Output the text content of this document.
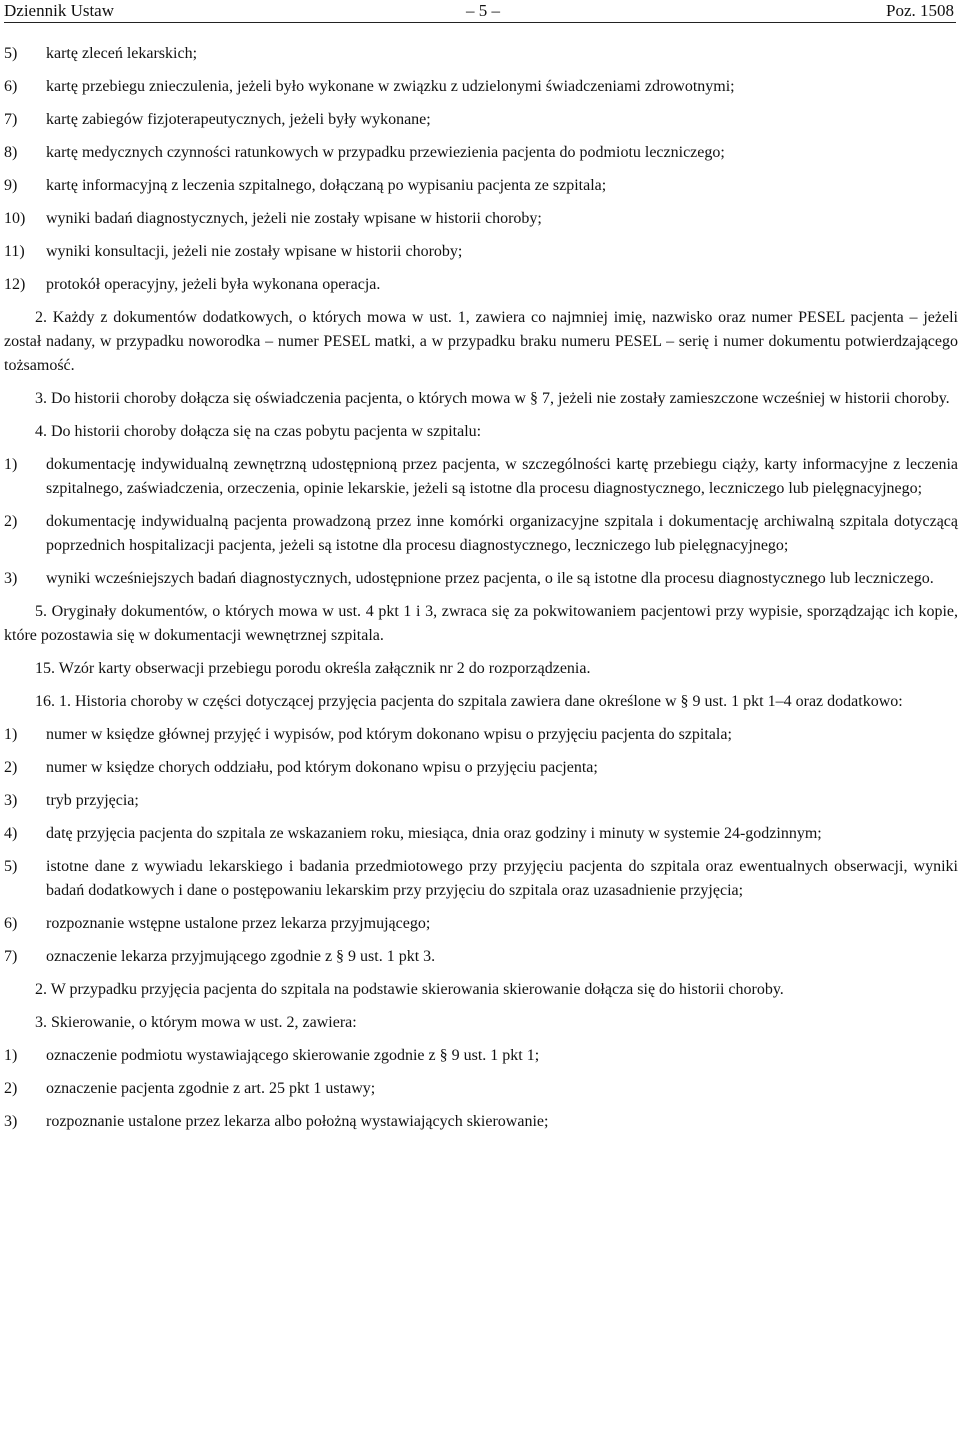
Dziennik Ustaw	– 5 –	Poz. 1508
5)	kartę zleceń lekarskich;
6)	kartę przebiegu znieczulenia, jeżeli było wykonane w związku z udzielonymi świadczeniami zdrowotnymi;
7)	kartę zabiegów fizjoterapeutycznych, jeżeli były wykonane;
8)	kartę medycznych czynności ratunkowych w przypadku przewiezienia pacjenta do podmiotu leczniczego;
9)	kartę informacyjną z leczenia szpitalnego, dołączaną po wypisaniu pacjenta ze szpitala;
10)	wyniki badań diagnostycznych, jeżeli nie zostały wpisane w historii choroby;
11)	wyniki konsultacji, jeżeli nie zostały wpisane w historii choroby;
12)	protokół operacyjny, jeżeli była wykonana operacja.
2. Każdy z dokumentów dodatkowych, o których mowa w ust. 1, zawiera co najmniej imię, nazwisko oraz numer PESEL pacjenta – jeżeli został nadany, w przypadku noworodka – numer PESEL matki, a w przypadku braku numeru PESEL – serię i numer dokumentu potwierdzającego tożsamość.
3. Do historii choroby dołącza się oświadczenia pacjenta, o których mowa w § 7, jeżeli nie zostały zamieszczone wcześniej w historii choroby.
4. Do historii choroby dołącza się na czas pobytu pacjenta w szpitalu:
1)	dokumentację indywidualną zewnętrzną udostępnioną przez pacjenta, w szczególności kartę przebiegu ciąży, karty informacyjne z leczenia szpitalnego, zaświadczenia, orzeczenia, opinie lekarskie, jeżeli są istotne dla procesu diagnostycznego, leczniczego lub pielęgnacyjnego;
2)	dokumentację indywidualną pacjenta prowadzoną przez inne komórki organizacyjne szpitala i dokumentację archiwalną szpitala dotyczącą poprzednich hospitalizacji pacjenta, jeżeli są istotne dla procesu diagnostycznego, leczniczego lub pielęgnacyjnego;
3)	wyniki wcześniejszych badań diagnostycznych, udostępnione przez pacjenta, o ile są istotne dla procesu diagnostycznego lub leczniczego.
5. Oryginały dokumentów, o których mowa w ust. 4 pkt 1 i 3, zwraca się za pokwitowaniem pacjentowi przy wypisie, sporządzając ich kopie, które pozostawia się w dokumentacji wewnętrznej szpitala.
15. Wzór karty obserwacji przebiegu porodu określa załącznik nr 2 do rozporządzenia.
16. 1. Historia choroby w części dotyczącej przyjęcia pacjenta do szpitala zawiera dane określone w § 9 ust. 1 pkt 1–4 oraz dodatkowo:
1)	numer w księdze głównej przyjęć i wypisów, pod którym dokonano wpisu o przyjęciu pacjenta do szpitala;
2)	numer w księdze chorych oddziału, pod którym dokonano wpisu o przyjęciu pacjenta;
3)	tryb przyjęcia;
4)	datę przyjęcia pacjenta do szpitala ze wskazaniem roku, miesiąca, dnia oraz godziny i minuty w systemie 24-godzinnym;
5)	istotne dane z wywiadu lekarskiego i badania przedmiotowego przy przyjęciu pacjenta do szpitala oraz ewentualnych obserwacji, wyniki badań dodatkowych i dane o postępowaniu lekarskim przy przyjęciu do szpitala oraz uzasadnienie przyjęcia;
6)	rozpoznanie wstępne ustalone przez lekarza przyjmującego;
7)	oznaczenie lekarza przyjmującego zgodnie z § 9 ust. 1 pkt 3.
2. W przypadku przyjęcia pacjenta do szpitala na podstawie skierowania skierowanie dołącza się do historii choroby.
3. Skierowanie, o którym mowa w ust. 2, zawiera:
1)	oznaczenie podmiotu wystawiającego skierowanie zgodnie z § 9 ust. 1 pkt 1;
2)	oznaczenie pacjenta zgodnie z art. 25 pkt 1 ustawy;
3)	rozpoznanie ustalone przez lekarza albo położną wystawiających skierowanie;
